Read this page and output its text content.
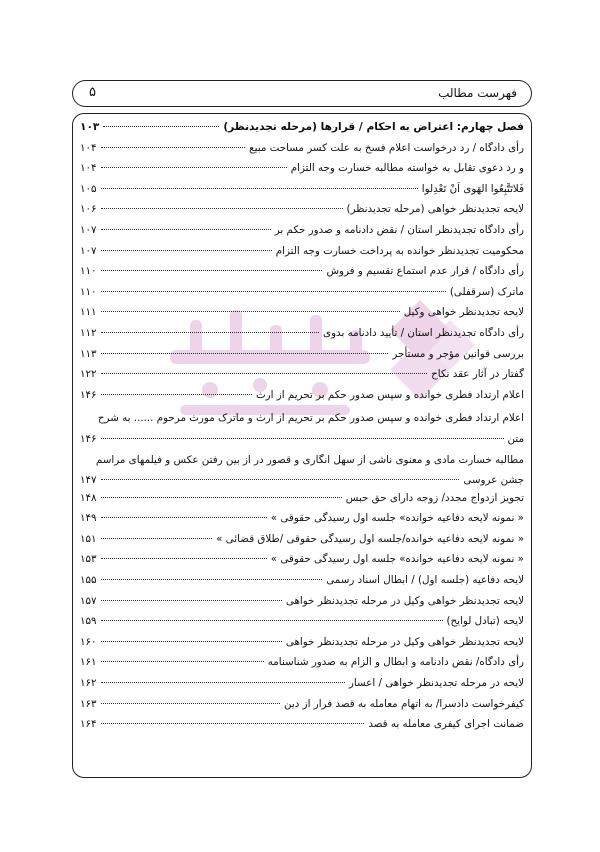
فهرست مطالب
۵
فصل چهارم: اعتراض به احکام / قرارها (مرحله تجدیدنظر)
۱۰۳
رأی دادگاه / رد درخواست اعلام فسخ به علت کسر مساحت مبیع
۱۰۴
و رد دعوی تقابل به خواسته مطالبه خسارت وجه التزام
۱۰۴
فَلاتَتَّبِعُوا الهَوی اَنْ تَعْدِلوا
۱۰۵
لایحه تجدیدنظر خواهی (مرحله تجدیدنظر)
۱۰۶
رأی دادگاه تجدیدنظر استان / نقض دادنامه و صدور حکم بر
۱۰۷
محکومیت تجدیدنظر خوانده به پرداخت خسارت وجه التزام
۱۰۷
رأی دادگاه / قرار عدم استماع تقسیم و فروش
۱۱۰
ماترک (سرقفلی)
۱۱۰
لایحه تجدیدنظر خواهی وکیل
۱۱۱
رأی دادگاه تجدیدنظر استان / تأیید دادنامه بدوی
۱۱۲
بررسی قوانین مؤجر و مستأجر
۱۱۳
گفتار در آثار عقد نکاح
۱۲۲
اعلام ارتداد فطری خوانده و سپس صدور حکم بر تحریم از ارث
۱۴۶
اعلام ارتداد فطری خوانده و سپس صدور حکم بر تحریم از ارث و ماترک مورث مرحوم ...... به شرح
متن
۱۴۶
مطالبه خسارت مادی و معنوی ناشی از سهل انگاری و قصور در از بین رفتن عکس و فیلمهای مراسم
جشن عروسی
۱۴۷
تجویز ازدواج مجدد/ زوجه دارای حق حبس
۱۴۸
« نمونه لایحه دفاعیه خوانده» جلسه اول رسیدگی حقوقی »
۱۴۹
« نمونه لایحه دفاعیه خوانده/جلسه اول رسیدگی حقوقی /طلاق قضائی »
۱۵۱
« نمونه لایحه دفاعیه خوانده» جلسه اول رسیدگی حقوقی »
۱۵۳
لایحه دفاعیه (جلسه اول) / ابطال اسناد رسمی
۱۵۵
لایحه تجدیدنظر خواهی وکیل در مرحله تجدیدنظر خواهی
۱۵۷
لایحه (تبادل لوایح)
۱۵۹
لایحه تجدیدنظر خواهی وکیل در مرحله تجدیدنظر خواهی
۱۶۰
رأی دادگاه/ نقض دادنامه و ابطال و الزام به صدور شناسنامه
۱۶۱
لایحه در مرحله تجدیدنظر خواهی / اعسار
۱۶۲
کیفرخواست دادسرا/ به اتهام معامله به قصد فرار از دین
۱۶۳
ضمانت اجرای کیفری معامله به قصد
۱۶۴
